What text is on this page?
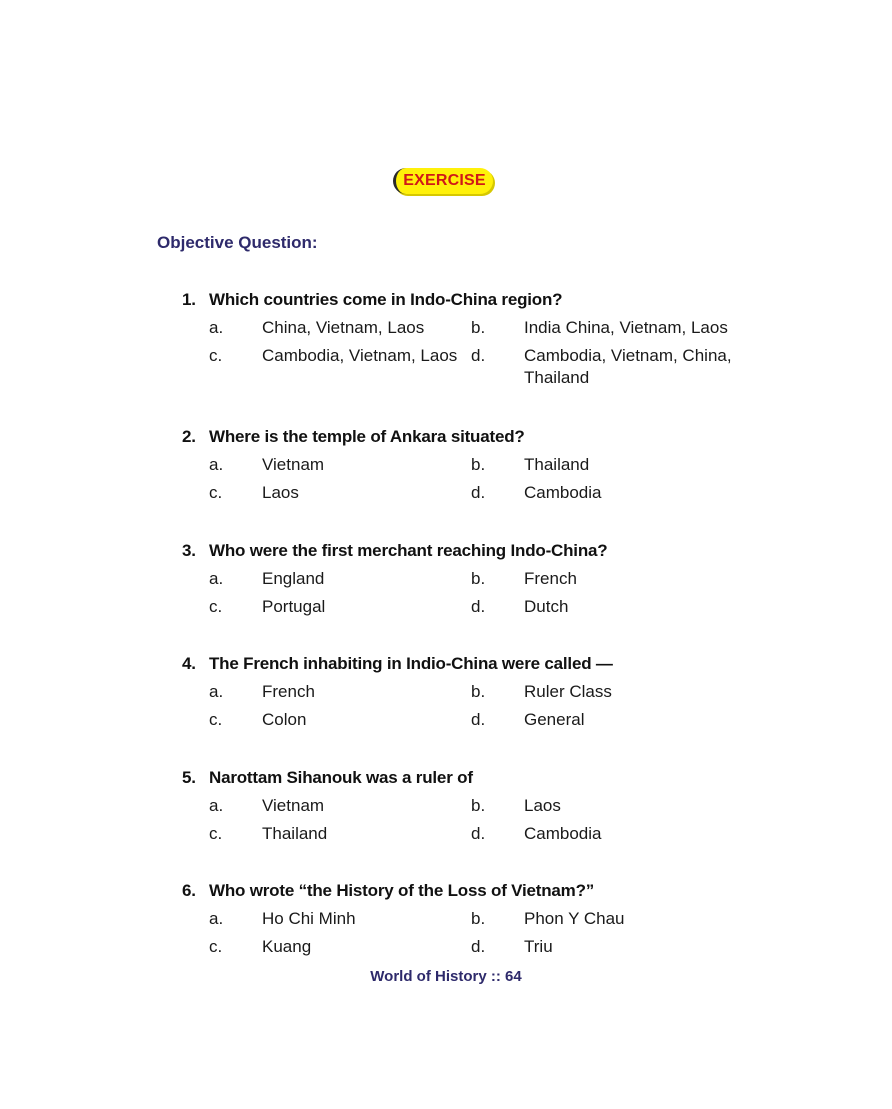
EXERCISE
Objective Question:
1. Which countries come in Indo-China region?
a.	China, Vietnam, Laos	b.	India China, Vietnam, Laos
c.	Cambodia, Vietnam, Laos d.	Cambodia, Vietnam, China, Thailand
2. Where is the temple of Ankara situated?
a.	Vietnam	b.	Thailand
c.	Laos	d.	Cambodia
3. Who were the first merchant reaching Indo-China?
a.	England	b.	French
c.	Portugal	d.	Dutch
4. The French inhabiting in Indio-China were called —
a.	French	b.	Ruler Class
c.	Colon	d.	General
5. Narottam Sihanouk was a ruler of
a.	Vietnam	b.	Laos
c.	Thailand	d.	Cambodia
6. Who wrote “the History of the Loss of Vietnam?”
a.	Ho Chi Minh	b.	Phon Y Chau
c.	Kuang	d.	Triu
World of History :: 64
